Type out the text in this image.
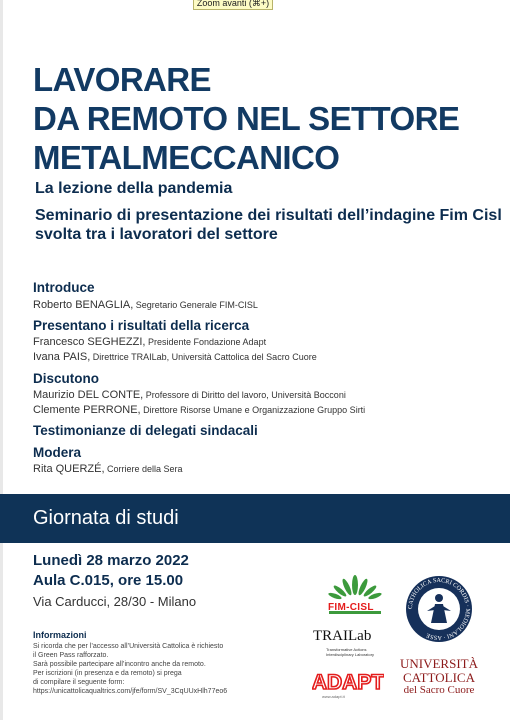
Zoom avanti (⌘+)
LAVORARE
DA REMOTO NEL SETTORE
METALMECCANICO
La lezione della pandemia
Seminario di presentazione dei risultati dell’indagine Fim Cisl svolta tra i lavoratori del settore
Introduce
Roberto BENAGLIA, Segretario Generale FIM-CISL
Presentano i risultati della ricerca
Francesco SEGHEZZI, Presidente Fondazione Adapt
Ivana PAIS, Direttrice TRAILab, Università Cattolica del Sacro Cuore
Discutono
Maurizio DEL CONTE, Professore di Diritto del lavoro, Università Bocconi
Clemente PERRONE, Direttore Risorse Umane e Organizzazione Gruppo Sirti
Testimonianze di delegati sindacali
Modera
Rita QUERZÉ, Corriere della Sera
Giornata di studi
Lunedì 28 marzo 2022
Aula C.015, ore 15.00
Via Carducci, 28/30 - Milano
Informazioni
Si ricorda che per l’accesso all’Università Cattolica è richiesto
il Green Pass rafforzato.
Sarà possibile partecipare all’incontro anche da remoto.
Per iscrizioni (in presenza e da remoto) si prega
di compilare il seguente form:
https://unicattolicaqualtrics.com/jfe/form/SV_3CqUUxHlh77eo6
FIM-CISL
TRAILab
Transformative Actions
Interdisciplinary Laboratory
ADAPT
www.adapt.it
CATHOLICA SACRI CORDIS · MEDIOLANI · ASSE
UNIVERSITÀ
CATTOLICA
del Sacro Cuore
